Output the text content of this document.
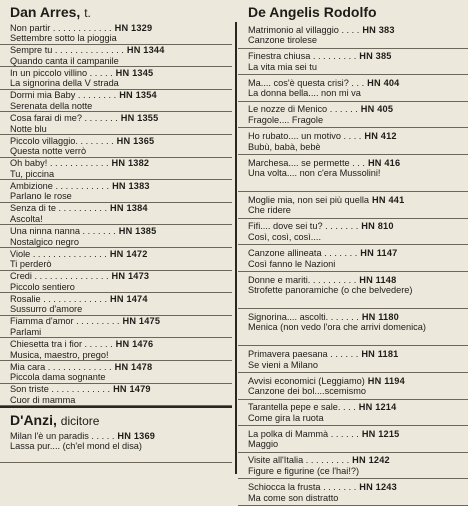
Dan Arres, t.
Non partir . . . . . . . . . . . . HN 1329
Settembre sotto la pioggia
Sempre tu . . . . . . . . . . . . . . HN 1344
Quando canta il campanile
In un piccolo villino . . . . . HN 1345
La signorina della V strada
Dormi mia Baby . . . . . . . . HN 1354
Serenata della notte
Cosa farai di me? . . . . . . . HN 1355
Notte blu
Piccolo villaggio. . . . . . . . HN 1365
Questa notte verrò
Oh baby! . . . . . . . . . . . . HN 1382
Tu, piccina
Ambizione . . . . . . . . . . . HN 1383
Parlano le rose
Senza di te . . . . . . . . . . HN 1384
Ascolta!
Una ninna nanna . . . . . . . HN 1385
Nostalgico negro
Viole . . . . . . . . . . . . . . . HN 1472
Ti perderò
Credi . . . . . . . . . . . . . . . HN 1473
Piccolo sentiero
Rosalie . . . . . . . . . . . . . HN 1474
Sussurro d'amore
Fiamma d'amor . . . . . . . . . HN 1475
Parlami
Chiesetta tra i fior . . . . . . HN 1476
Musica, maestro, prego!
Mia cara . . . . . . . . . . . . . HN 1478
Piccola dama sognante
Son triste . . . . . . . . . . . . HN 1479
Cuor di mamma
D'Anzi, dicitore
Milan l'è un paradis . . . . . HN 1369
Lassa pur.... (ch'el mond el disa)
De Angelis Rodolfo
Matrimonio al villaggio . . . . HN 383
Canzone tirolese
Finestra chiusa . . . . . . . . . HN 385
La vita mia sei tu
Ma.... cos'è questa crisi? . . . HN 404
La donna bella.... non mi va
Le nozze di Menico . . . . . . HN 405
Fragole.... Fragole
Ho rubato.... un motivo . . . . HN 412
Bubù, babà, bebè
Marchesa.... se permette . . . HN 416
Una volta.... non c'era Mussolini!
Moglie mia, non sei più quella HN 441
Che ridere
Fifi.... dove sei tu? . . . . . . . HN 810
Così, così, così....
Canzone allineata . . . . . . . HN 1147
Così fanno le Nazioni
Donne e mariti. . . . . . . . . . HN 1148
Strofette panoramiche (o che belvedere)
Signorina.... ascolti. . . . . . . HN 1180
Menica (non vedo l'ora che arrivi domenica)
Primavera paesana . . . . . . HN 1181
Se vieni a Milano
Avvisi economici (Leggiamo) HN 1194
Canzone dei bol....scemismo
Tarantella pepe e sale. . . . HN 1214
Come gira la ruota
La polka di Mammà . . . . . . HN 1215
Maggio
Visite all'Italia . . . . . . . . . HN 1242
Figure e figurine (ce l'hai!?)
Schiocca la frusta . . . . . . . HN 1243
Ma come son distratto
